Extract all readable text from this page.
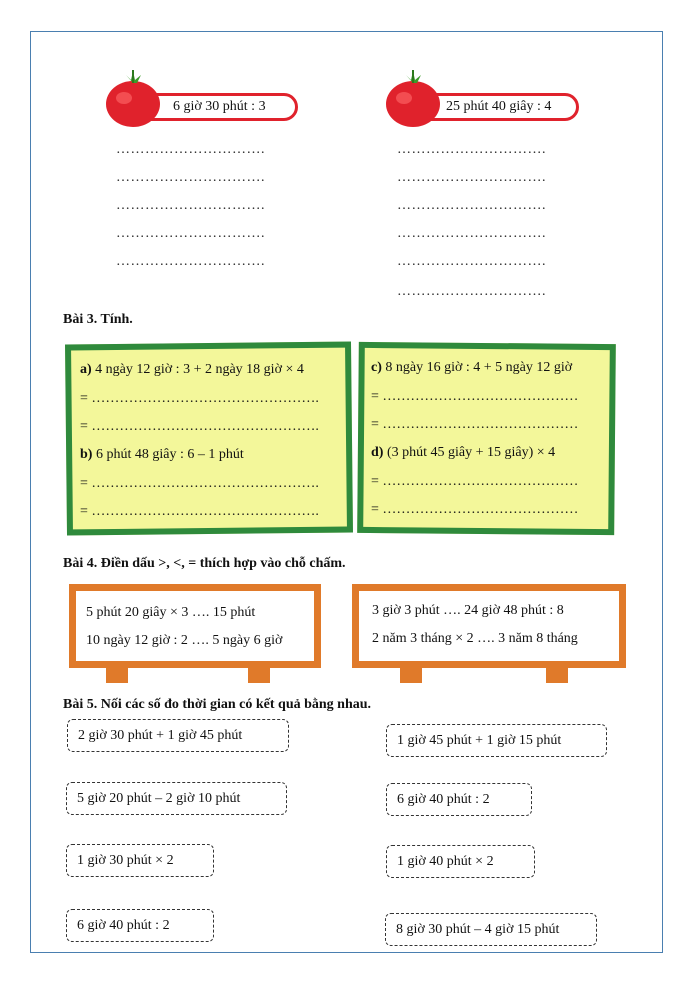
6 giờ 30 phút : 3
………………………….
………………………….
………………………….
………………………….
………………………….
25 phút 40 giây : 4
………………………….
………………………….
………………………….
………………………….
………………………….
………………………….
Bài 3. Tính.
a) 4 ngày 12 giờ : 3 + 2 ngày 18 giờ × 4
= ………………………………………….
= ………………………………………….
b) 6 phút 48 giây : 6 – 1 phút
= ………………………………………….
= ………………………………………….
c) 8 ngày 16 giờ : 4 + 5 ngày 12 giờ
= ……………………………………
= ……………………………………
d) (3 phút 45 giây + 15 giây) × 4
= ……………………………………
= ……………………………………
Bài 4. Điền dấu >, <, = thích hợp vào chỗ chấm.
5 phút 20 giây × 3 …. 15 phút
10 ngày 12 giờ : 2 …. 5 ngày 6 giờ
3 giờ 3 phút …. 24 giờ 48 phút : 8
2 năm 3 tháng × 2 …. 3 năm 8 tháng
Bài 5. Nối các số đo thời gian có kết quả bằng nhau.
2 giờ 30 phút + 1 giờ 45 phút
5 giờ 20 phút – 2 giờ 10 phút
1 giờ 30 phút × 2
6 giờ 40 phút : 2
1 giờ 45 phút + 1 giờ 15 phút
6 giờ 40 phút : 2
1 giờ 40 phút × 2
8 giờ 30 phút – 4 giờ 15 phút
